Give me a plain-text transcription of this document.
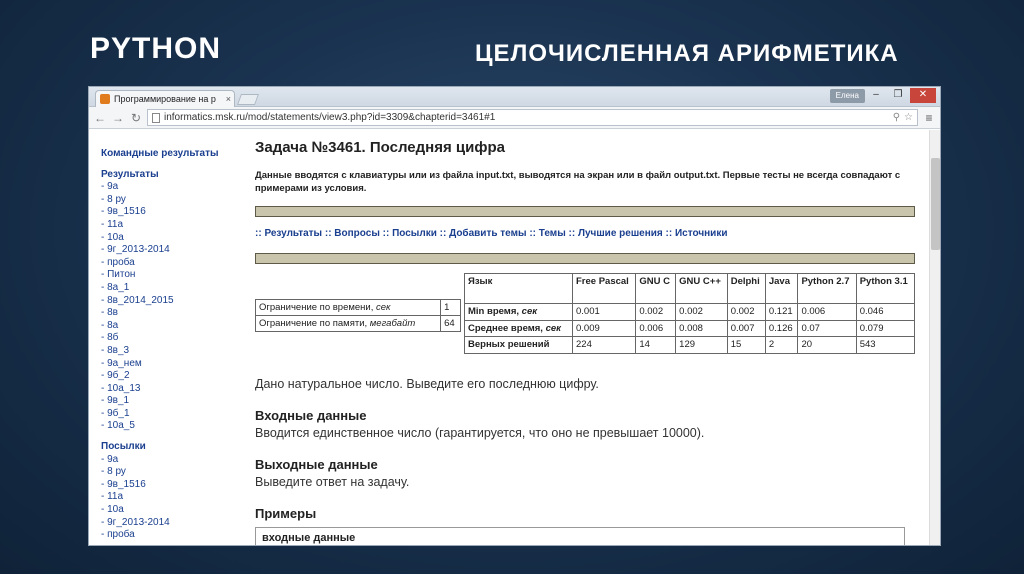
PYTHON	ЦЕЛОЧИСЛЕННАЯ АРИФМЕТИКА
Программирование на р ×	Елена	–	❐	✕
← → ↻ informatics.msk.ru/mod/statements/view3.php?id=3309&chapterid=3461#1	⚲ ☆ ≡
Командные результаты
Результаты
- 9а
- 8 ру
- 9в_1516
- 11а
- 10а
- 9г_2013-2014
- проба
- Питон
- 8а_1
- 8в_2014_2015
- 8в
- 8а
- 8б
- 8в_3
- 9а_нем
- 9б_2
- 10а_13
- 9в_1
- 9б_1
- 10а_5
Посылки
- 9а
- 8 ру
- 9в_1516
- 11а
- 10а
- 9г_2013-2014
- проба
Задача №3461. Последняя цифра
Данные вводятся с клавиатуры или из файла input.txt, выводятся на экран или в файл output.txt. Первые тесты не всегда совпадают с примерами из условия.
:: Результаты :: Вопросы :: Посылки :: Добавить темы :: Темы :: Лучшие решения :: Источники
Ограничение по времени, сек	1
Ограничение по памяти, мегабайт	64
Язык	Free Pascal	GNU C	GNU C++	Delphi	Java	Python 2.7	Python 3.1
Min время, сек	0.001	0.002	0.002	0.002	0.121	0.006	0.046
Среднее время, сек	0.009	0.006	0.008	0.007	0.126	0.07	0.079
Верных решений	224	14	129	15	2	20	543

Дано натуральное число. Выведите его последнюю цифру.

Входные данные

Вводится единственное число (гарантируется, что оно не превышает 10000).

Выходные данные

Выведите ответ на задачу.

Примеры
входные данные
